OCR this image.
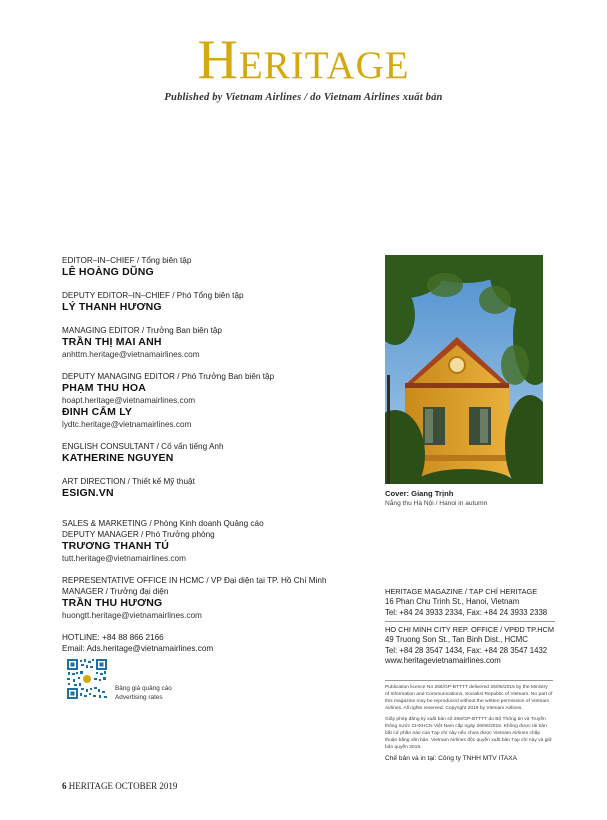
Heritage
Published by Vietnam Airlines / do Vietnam Airlines xuất bản
EDITOR–IN–CHIEF / Tổng biên tập
LÊ HOÀNG DŨNG
DEPUTY EDITOR–IN–CHIEF / Phó Tổng biên tập
LÝ THANH HƯƠNG
MANAGING EDITOR / Trưởng Ban biên tập
TRẦN THỊ MAI ANH
anhttm.heritage@vietnamairlines.com
DEPUTY MANAGING EDITOR / Phó Trưởng Ban biên tập
PHẠM THU HOA
hoapt.heritage@vietnamairlines.com
ĐINH CẨM LY
lydtc.heritage@vietnamairlines.com
ENGLISH CONSULTANT / Cố vấn tiếng Anh
KATHERINE NGUYEN
ART DIRECTION / Thiết kế Mỹ thuật
ESIGN.VN
SALES & MARKETING / Phòng Kinh doanh Quảng cáo
DEPUTY MANAGER / Phó Trưởng phòng
TRƯƠNG THANH TÚ
tutt.heritage@vietnamairlines.com
REPRESENTATIVE OFFICE IN HCMC / VP Đại diện tại TP. Hồ Chí Minh
MANAGER / Trưởng đại diện
TRẦN THU HƯƠNG
huongtt.heritage@vietnamairlines.com
HOTLINE: +84 88 866 2166
Email: Ads.heritage@vietnamairlines.com
Bảng giá quảng cáo
Advertising rates
Cover: Giang Trịnh
Nắng thu Hà Nội / Hanoi in autumn
HERITAGE MAGAZINE / TẠP CHÍ HERITAGE
16 Phan Chu Trinh St., Hanoi, Vietnam
Tel: +84 24 3933 2334, Fax: +84 24 3933 2338
HO CHI MINH CITY REP. OFFICE / VPĐD TP.HCM
49 Truong Son St., Tan Binh Dist., HCMC
Tel: +84 28 3547 1434, Fax: +84 28 3547 1432
www.heritagevietnamairlines.com

Publication licence No 266/GP-BTTTT delivered 26/06/2015 by the Ministry of Information and Communications, Socialist Republic of Vietnam. No part of this magazine may be reproduced without the written permission of Vietnam Airlines. All rights reserved. Copyright 2019 by Vietnam Airlines.

Giấy phép đăng ký xuất bản số 266/GP-BTTTT do Bộ Thông tin và Truyền thông nước CHXHCN Việt Nam cấp ngày 26/06/2015. Không được tái bản bất cứ phần nào của Tạp chí này nếu chưa được Vietnam Airlines chấp thuận bằng văn bản. Vietnam Airlines độc quyền xuất bản Tạp chí này và giữ bản quyền 2019.

Chế bản và in tại: Công ty TNHH MTV ITAXA
6 HERITAGE OCTOBER 2019
